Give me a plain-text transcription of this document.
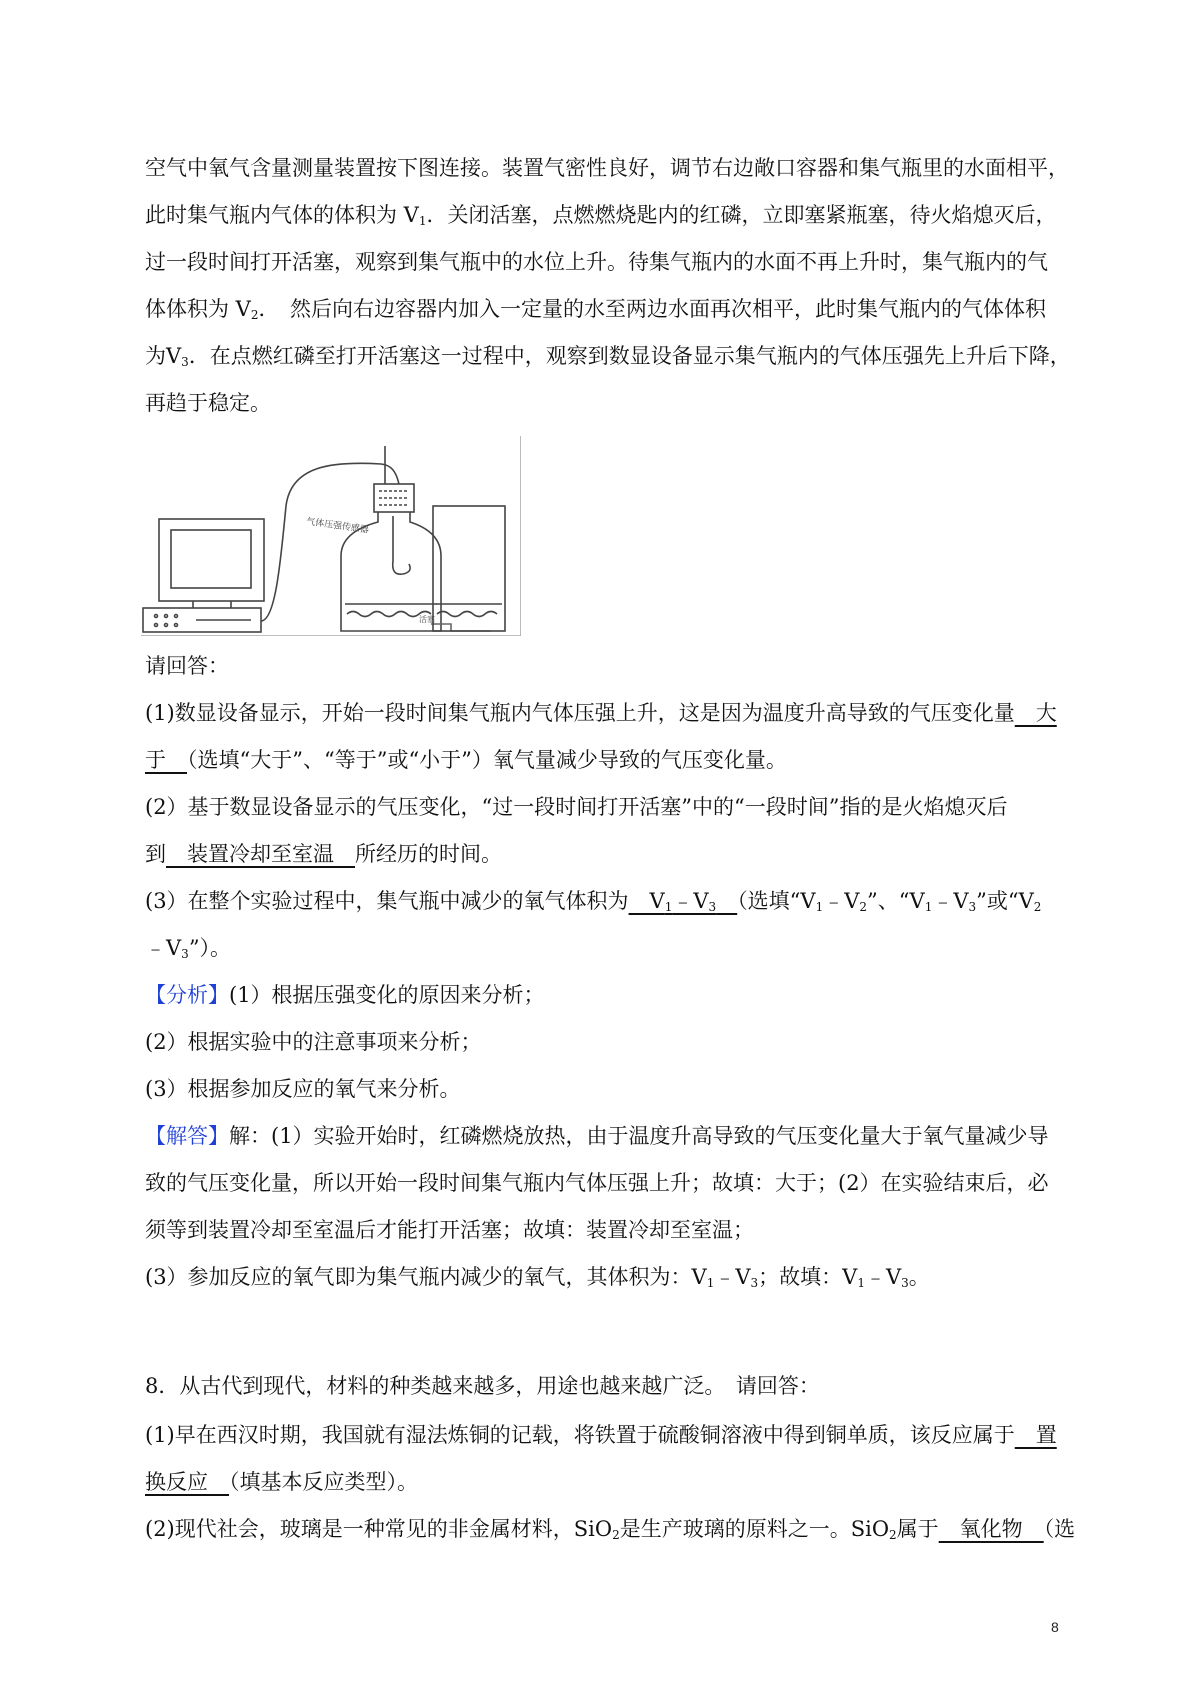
空气中氧气含量测量装置按下图连接。装置气密性良好，调节右边敞口容器和集气瓶里的水面相平，
此时集气瓶内气体的体积为 $V_1$．关闭活塞，点燃燃烧匙内的红磷，立即塞紧瓶塞，待火焰熄灭后，
过一段时间打开活塞，观察到集气瓶中的水位上升。待集气瓶内的水面不再上升时，集气瓶内的气
体体积为 $V_2$．　然后向右边容器内加入一定量的水至两边水面再次相平，此时集气瓶内的气体体积
为$V_3$．在点燃红磷至打开活塞这一过程中，观察到数显设备显示集气瓶内的气体压强先上升后下降，
再趋于稳定。
气体压强传感器
活塞
请回答：
(1)数显设备显示，开始一段时间集气瓶内气体压强上升，这是因为温度升高导致的气压变化量　大
于　（选填“大于”、“等于”或“小于”）氧气量减少导致的气压变化量。
(2）基于数显设备显示的气压变化，“过一段时间打开活塞”中的“一段时间”指的是火焰熄灭后
到　装置冷却至室温　所经历的时间。
(3）在整个实验过程中，集气瓶中减少的氧气体积为　$V_1﹣V_3$　 （选填“$V_1﹣V_2$”、“$V_1﹣V_3$”或“$V_2$
$﹣V_3$”）。
【分析】(1）根据压强变化的原因来分析；
(2）根据实验中的注意事项来分析；
(3）根据参加反应的氧气来分析。
【解答】解：(1）实验开始时，红磷燃烧放热，由于温度升高导致的气压变化量大于氧气量减少导
致的气压变化量，所以开始一段时间集气瓶内气体压强上升；故填：大于；(2）在实验结束后，必
须等到装置冷却至室温后才能打开活塞；故填：装置冷却至室温；
(3）参加反应的氧气即为集气瓶内减少的氧气，其体积为：$V_1﹣V_3$；故填：$V_1﹣V_3$。
8．从古代到现代，材料的种类越来越多，用途也越来越广泛。　请回答：
(1)早在西汉时期，我国就有湿法炼铜的记载，将铁置于硫酸铜溶液中得到铜单质，该反应属于　置
换反应　（填基本反应类型）。
(2)现代社会，玻璃是一种常见的非金属材料，SiO$_2$是生产玻璃的原料之一。SiO$_2$属于　氧化物　（选
8
